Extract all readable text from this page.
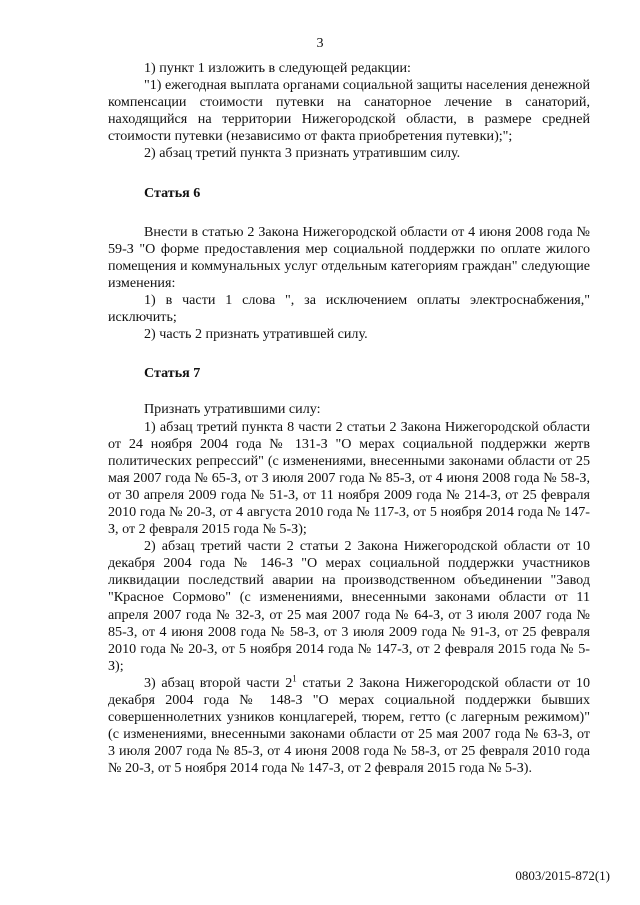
3

1) пункт 1 изложить в следующей редакции:

"1) ежегодная выплата органами социальной защиты населения денежной компенсации стоимости путевки на санаторное лечение в санаторий, находящийся на территории Нижегородской области, в размере средней стоимости путевки (независимо от факта приобретения путевки);";

2) абзац третий пункта 3 признать утратившим силу.

Статья 6

Внести в статью 2 Закона Нижегородской области от 4 июня 2008 года № 59-З "О форме предоставления мер социальной поддержки по оплате жилого помещения и коммунальных услуг отдельным категориям граждан" следующие изменения:

1) в части 1 слова ", за исключением оплаты электроснабжения," исключить;

2) часть 2 признать утратившей силу.

Статья 7

Признать утратившими силу:

1) абзац третий пункта 8 части 2 статьи 2 Закона Нижегородской области от 24 ноября 2004 года № 131-З "О мерах социальной поддержки жертв политических репрессий" (с изменениями, внесенными законами области от 25 мая 2007 года № 65-З, от 3 июля 2007 года № 85-З, от 4 июня 2008 года № 58-З, от 30 апреля 2009 года № 51-З, от 11 ноября 2009 года № 214-З, от 25 февраля 2010 года № 20-З, от 4 августа 2010 года № 117-З, от 5 ноября 2014 года № 147-З, от 2 февраля 2015 года № 5-З);

2) абзац третий части 2 статьи 2 Закона Нижегородской области от 10 декабря 2004 года № 146-З "О мерах социальной поддержки участников ликвидации последствий аварии на производственном объединении "Завод "Красное Сормово" (с изменениями, внесенными законами области от 11 апреля 2007 года № 32-З, от 25 мая 2007 года № 64-З, от 3 июля 2007 года № 85-З, от 4 июня 2008 года № 58-З, от 3 июля 2009 года № 91-З, от 25 февраля 2010 года № 20-З, от 5 ноября 2014 года № 147-З, от 2 февраля 2015 года № 5-З);

3) абзац второй части $2^1$ статьи 2 Закона Нижегородской области от 10 декабря 2004 года № 148-З "О мерах социальной поддержки бывших совершеннолетних узников концлагерей, тюрем, гетто (с лагерным режимом)" (с изменениями, внесенными законами области от 25 мая 2007 года № 63-З, от 3 июля 2007 года № 85-З, от 4 июня 2008 года № 58-З, от 25 февраля 2010 года № 20-З, от 5 ноября 2014 года № 147-З, от 2 февраля 2015 года № 5-З).

0803/2015-872(1)
